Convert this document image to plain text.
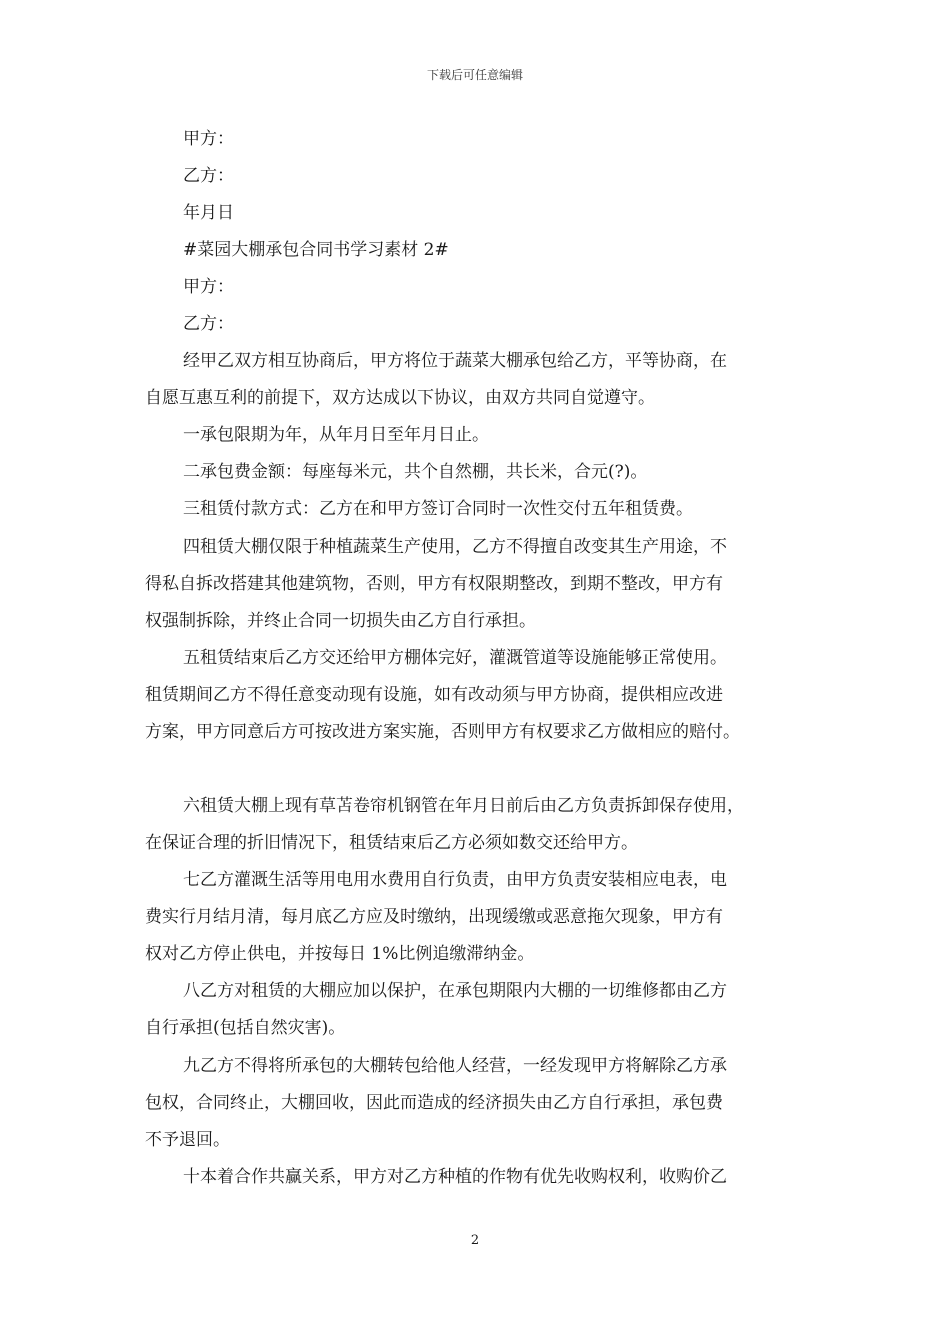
下载后可任意编辑
甲方：
乙方：
年月日
#菜园大棚承包合同书学习素材 2#
甲方：
乙方：
经甲乙双方相互协商后，甲方将位于蔬菜大棚承包给乙方，平等协商，在
自愿互惠互利的前提下，双方达成以下协议，由双方共同自觉遵守。
一承包限期为年，从年月日至年月日止。
二承包费金额：每座每米元，共个自然棚，共长米，合元(?)。
三租赁付款方式：乙方在和甲方签订合同时一次性交付五年租赁费。
四租赁大棚仅限于种植蔬菜生产使用，乙方不得擅自改变其生产用途，不
得私自拆改搭建其他建筑物，否则，甲方有权限期整改，到期不整改，甲方有
权强制拆除，并终止合同一切损失由乙方自行承担。
五租赁结束后乙方交还给甲方棚体完好，灌溉管道等设施能够正常使用。
租赁期间乙方不得任意变动现有设施，如有改动须与甲方协商，提供相应改进
方案，甲方同意后方可按改进方案实施，否则甲方有权要求乙方做相应的赔付。
六租赁大棚上现有草苫卷帘机钢管在年月日前后由乙方负责拆卸保存使用，
在保证合理的折旧情况下，租赁结束后乙方必须如数交还给甲方。
七乙方灌溉生活等用电用水费用自行负责，由甲方负责安装相应电表，电
费实行月结月清，每月底乙方应及时缴纳，出现缓缴或恶意拖欠现象，甲方有
权对乙方停止供电，并按每日 1%比例追缴滞纳金。
八乙方对租赁的大棚应加以保护，在承包期限内大棚的一切维修都由乙方
自行承担(包括自然灾害)。
九乙方不得将所承包的大棚转包给他人经营，一经发现甲方将解除乙方承
包权，合同终止，大棚回收，因此而造成的经济损失由乙方自行承担，承包费
不予退回。
十本着合作共赢关系，甲方对乙方种植的作物有优先收购权利，收购价乙
2
